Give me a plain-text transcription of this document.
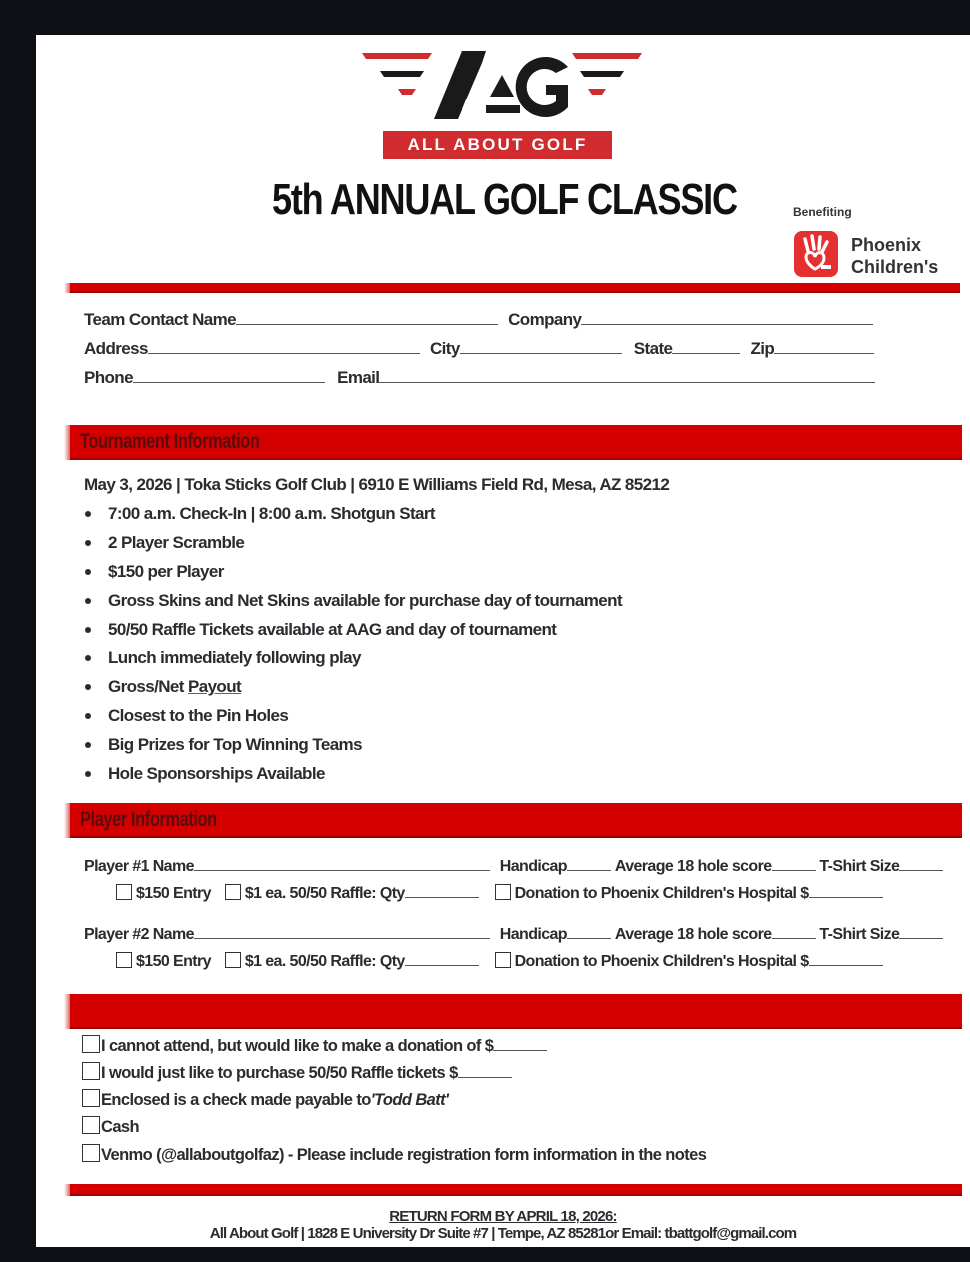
ALL ABOUT GOLF
5th ANNUAL GOLF CLASSIC	Benefiting
Phoenix
Children's
Team Contact Name	Company
Address	City	State	Zip
Phone	Email
Tournament Information
May 3, 2026 | Toka Sticks Golf Club | 6910 E Williams Field Rd, Mesa, AZ 85212
7:00 a.m. Check-In | 8:00 a.m. Shotgun Start
2 Player Scramble
$150 per Player
Gross Skins and Net Skins available for purchase day of tournament
50/50 Raffle Tickets available at AAG and day of tournament
Lunch immediately following play
Gross/Net Payout
Closest to the Pin Holes
Big Prizes for Top Winning Teams
Hole Sponsorships Available
Player Information
Player #1 Name	Handicap	Average 18 hole score	T-Shirt Size
$150 Entry $1 ea. 50/50 Raffle: Qty	Donation to Phoenix Children's Hospital $
Player #2 Name	Handicap	Average 18 hole score	T-Shirt Size
$150 Entry $1 ea. 50/50 Raffle: Qty	Donation to Phoenix Children's Hospital $
I cannot attend, but would like to make a donation of $
I would just like to purchase 50/50 Raffle tickets $
Enclosed is a check made payable to'Todd Batt'
Cash
Venmo (@allaboutgolfaz) - Please include registration form information in the notes
RETURN FORM BY APRIL 18, 2026:
All About Golf | 1828 E University Dr Suite #7 | Tempe, AZ 85281or Email: tbattgolf@gmail.com
